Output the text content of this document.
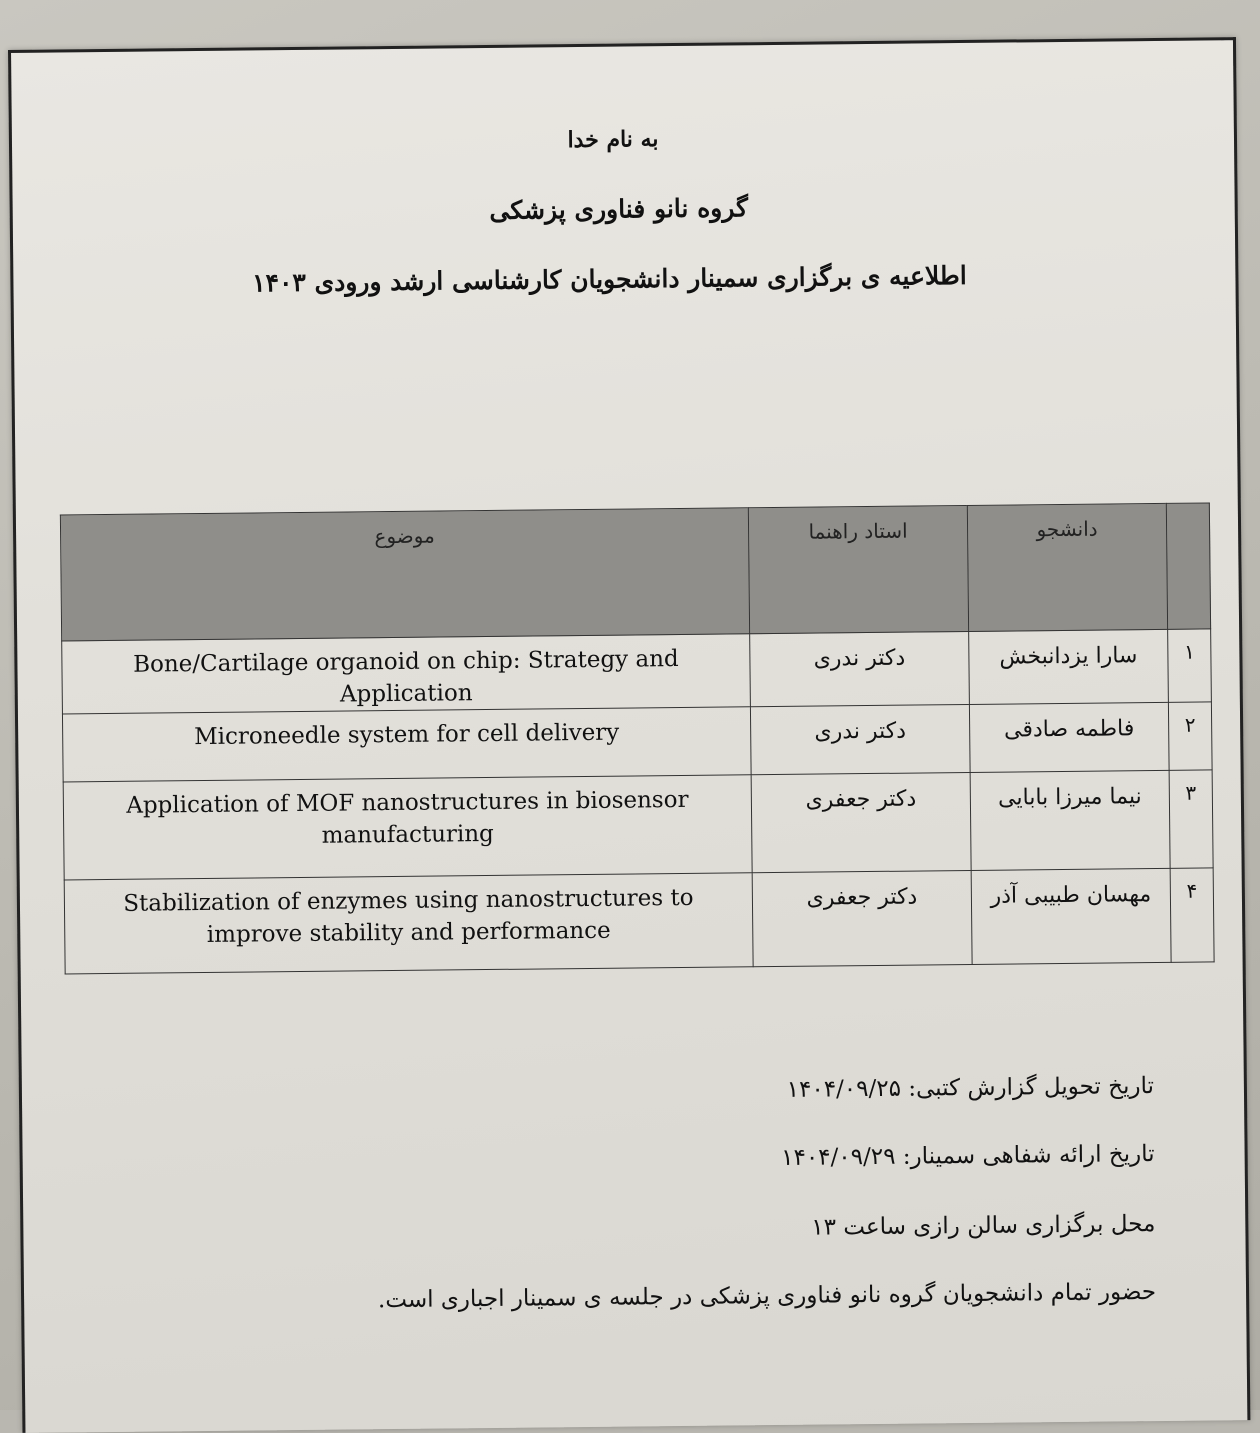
به نام خدا
گروه نانو فناوری پزشکی
اطلاعیه ی برگزاری سمینار دانشجویان کارشناسی ارشد ورودی ۱۴۰۳
	دانشجو	استاد راهنما	موضوع
۱	سارا یزدانبخش	دکتر ندری	Bone/Cartilage organoid on chip: Strategy and Application
۲	فاطمه صادقی	دکتر ندری	Microneedle system for cell delivery
۳	نیما میرزا بابایی	دکتر جعفری	Application of MOF nanostructures in biosensor manufacturing
۴	مهسان طبیبی آذر	دکتر جعفری	Stabilization of enzymes using nanostructures to improve stability and performance
تاریخ تحویل گزارش کتبی: ۱۴۰۴/۰۹/۲۵
تاریخ ارائه شفاهی سمینار: ۱۴۰۴/۰۹/۲۹
محل برگزاری سالن رازی ساعت ۱۳
حضور تمام دانشجویان گروه نانو فناوری پزشکی در جلسه ی سمینار اجباری است.
